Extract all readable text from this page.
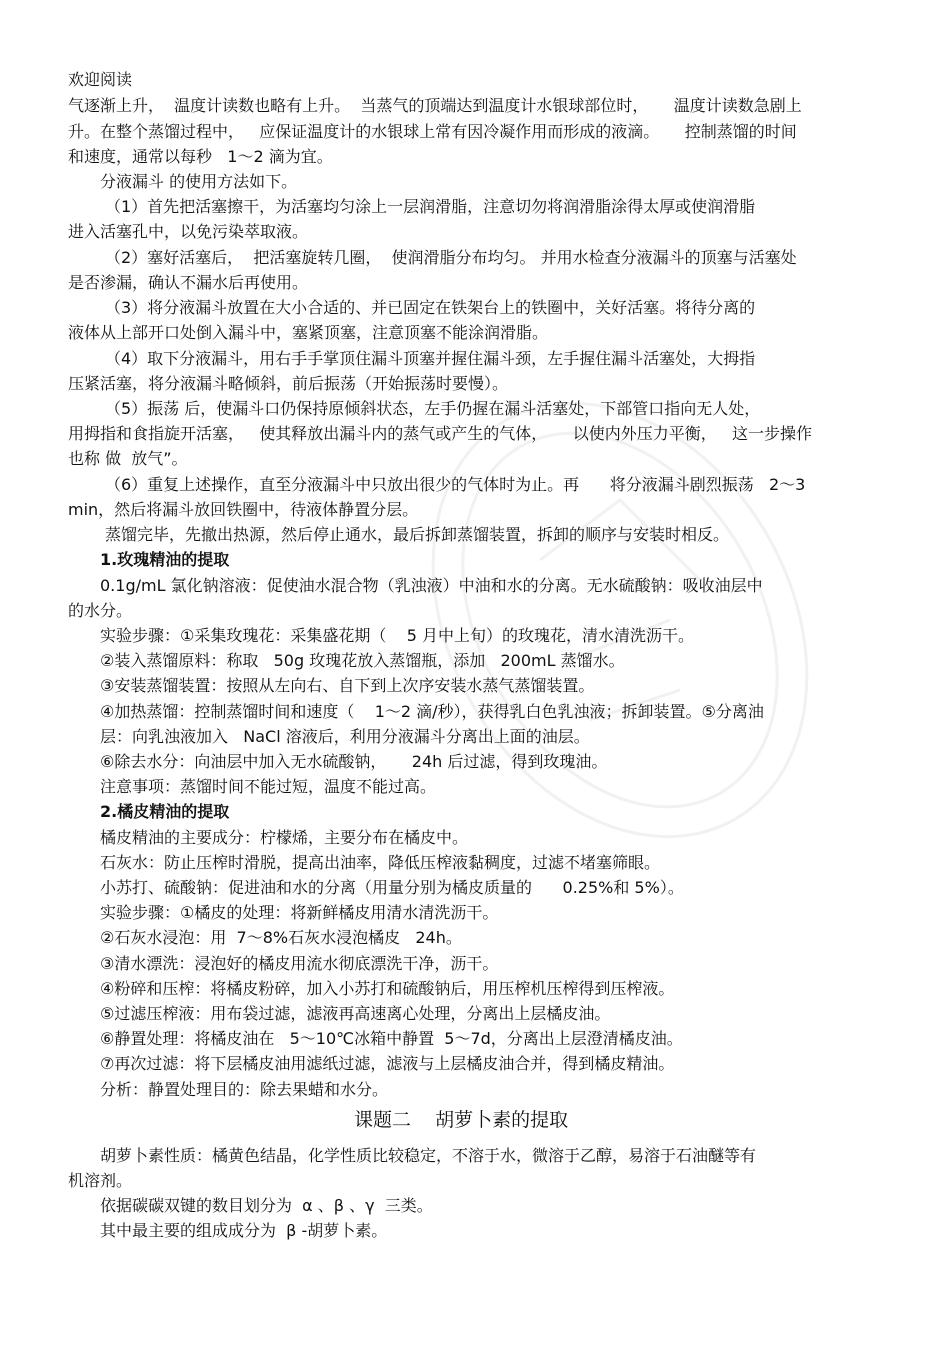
欢迎阅读
气逐渐上升，  温度计读数也略有上升。  当蒸气的顶端达到温度计水银球部位时，     温度计读数急剧上
升。在整个蒸馏过程中，   应保证温度计的水银球上常有因冷凝作用而形成的液滴。     控制蒸馏的时间
和速度，通常以每秒   1～2 滴为宜。
分液漏斗 的使用方法如下。
（1）首先把活塞擦干，为活塞均匀涂上一层润滑脂，注意切勿将润滑脂涂得太厚或使润滑脂
进入活塞孔中，以免污染萃取液。
（2）塞好活塞后，  把活塞旋转几圈，  使润滑脂分布均匀。 并用水检查分液漏斗的顶塞与活塞处
是否渗漏，确认不漏水后再使用。
（3）将分液漏斗放置在大小合适的、并已固定在铁架台上的铁圈中，关好活塞。将待分离的
液体从上部开口处倒入漏斗中，塞紧顶塞，注意顶塞不能涂润滑脂。
（4）取下分液漏斗，用右手手掌顶住漏斗顶塞并握住漏斗颈，左手握住漏斗活塞处，大拇指
压紧活塞，将分液漏斗略倾斜，前后振荡（开始振荡时要慢）。
（5）振荡 后，使漏斗口仍保持原倾斜状态，左手仍握在漏斗活塞处，下部管口指向无人处，
用拇指和食指旋开活塞，   使其释放出漏斗内的蒸气或产生的气体，     以使内外压力平衡，   这一步操作
也称 做  放气”。
（6）重复上述操作，直至分液漏斗中只放出很少的气体时为止。再      将分液漏斗剧烈振荡   2～3
min，然后将漏斗放回铁圈中，待液体静置分层。
蒸馏完毕，先撤出热源，然后停止通水，最后拆卸蒸馏装置，拆卸的顺序与安装时相反。
1.玫瑰精油的提取
0.1g/mL 氯化钠溶液：促使油水混合物（乳浊液）中油和水的分离。无水硫酸钠：吸收油层中
的水分。
实验步骤：①采集玫瑰花：采集盛花期（    5 月中上旬）的玫瑰花，清水清洗沥干。
②装入蒸馏原料：称取   50g 玫瑰花放入蒸馏瓶，添加   200mL 蒸馏水。
③安装蒸馏装置：按照从左向右、自下到上次序安装水蒸气蒸馏装置。
④加热蒸馏：控制蒸馏时间和速度（    1～2 滴/秒），获得乳白色乳浊液；拆卸装置。⑤分离油
层：向乳浊液加入   NaCl 溶液后，利用分液漏斗分离出上面的油层。
⑥除去水分：向油层中加入无水硫酸钠，     24h 后过滤，得到玫瑰油。
注意事项：蒸馏时间不能过短，温度不能过高。
2.橘皮精油的提取
橘皮精油的主要成分：柠檬烯，主要分布在橘皮中。
石灰水：防止压榨时滑脱，提高出油率，降低压榨液黏稠度，过滤不堵塞筛眼。
小苏打、硫酸钠：促进油和水的分离（用量分别为橘皮质量的      0.25%和 5%）。
实验步骤：①橘皮的处理：将新鲜橘皮用清水清洗沥干。
②石灰水浸泡：用  7～8%石灰水浸泡橘皮   24h。
③清水漂洗：浸泡好的橘皮用流水彻底漂洗干净，沥干。
④粉碎和压榨：将橘皮粉碎，加入小苏打和硫酸钠后，用压榨机压榨得到压榨液。
⑤过滤压榨液：用布袋过滤，滤液再高速离心处理，分离出上层橘皮油。
⑥静置处理：将橘皮油在   5～10℃冰箱中静置  5～7d，分离出上层澄清橘皮油。
⑦再次过滤：将下层橘皮油用滤纸过滤，滤液与上层橘皮油合并，得到橘皮精油。
分析：静置处理目的：除去果蜡和水分。
课题二    胡萝卜素的提取
胡萝卜素性质：橘黄色结晶，化学性质比较稳定，不溶于水，微溶于乙醇，易溶于石油醚等有
机溶剂。
依据碳碳双键的数目划分为  α 、β 、γ  三类。
其中最主要的组成成分为  β -胡萝卜素。
